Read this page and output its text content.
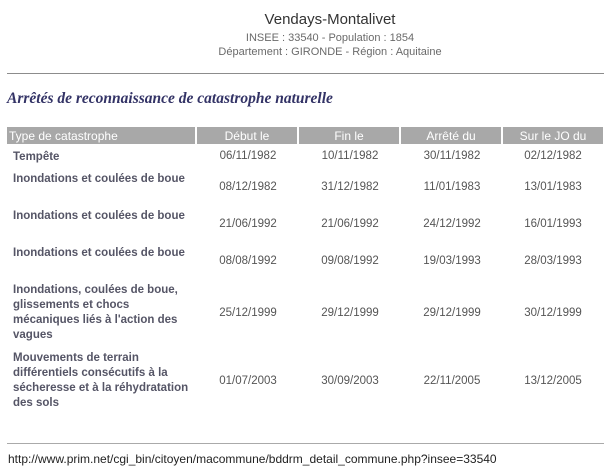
Vendays-Montalivet
INSEE : 33540 - Population : 1854
Département : GIRONDE - Région : Aquitaine
Arrêtés de reconnaissance de catastrophe naturelle
Type de catastrophe	Début le	Fin le	Arrêté du	Sur le JO du
Tempête	06/11/1982	10/11/1982	30/11/1982	02/12/1982
Inondations et coulées de boue	08/12/1982	31/12/1982	11/01/1983	13/01/1983
Inondations et coulées de boue	21/06/1992	21/06/1992	24/12/1992	16/01/1993
Inondations et coulées de boue	08/08/1992	09/08/1992	19/03/1993	28/03/1993
Inondations, coulées de boue, glissements et chocs mécaniques liés à l'action des vagues	25/12/1999	29/12/1999	29/12/1999	30/12/1999
Mouvements de terrain différentiels consécutifs à la sécheresse et à la réhydratation des sols	01/07/2003	30/09/2003	22/11/2005	13/12/2005
http://www.prim.net/cgi_bin/citoyen/macommune/bddrm_detail_commune.php?insee=33540
